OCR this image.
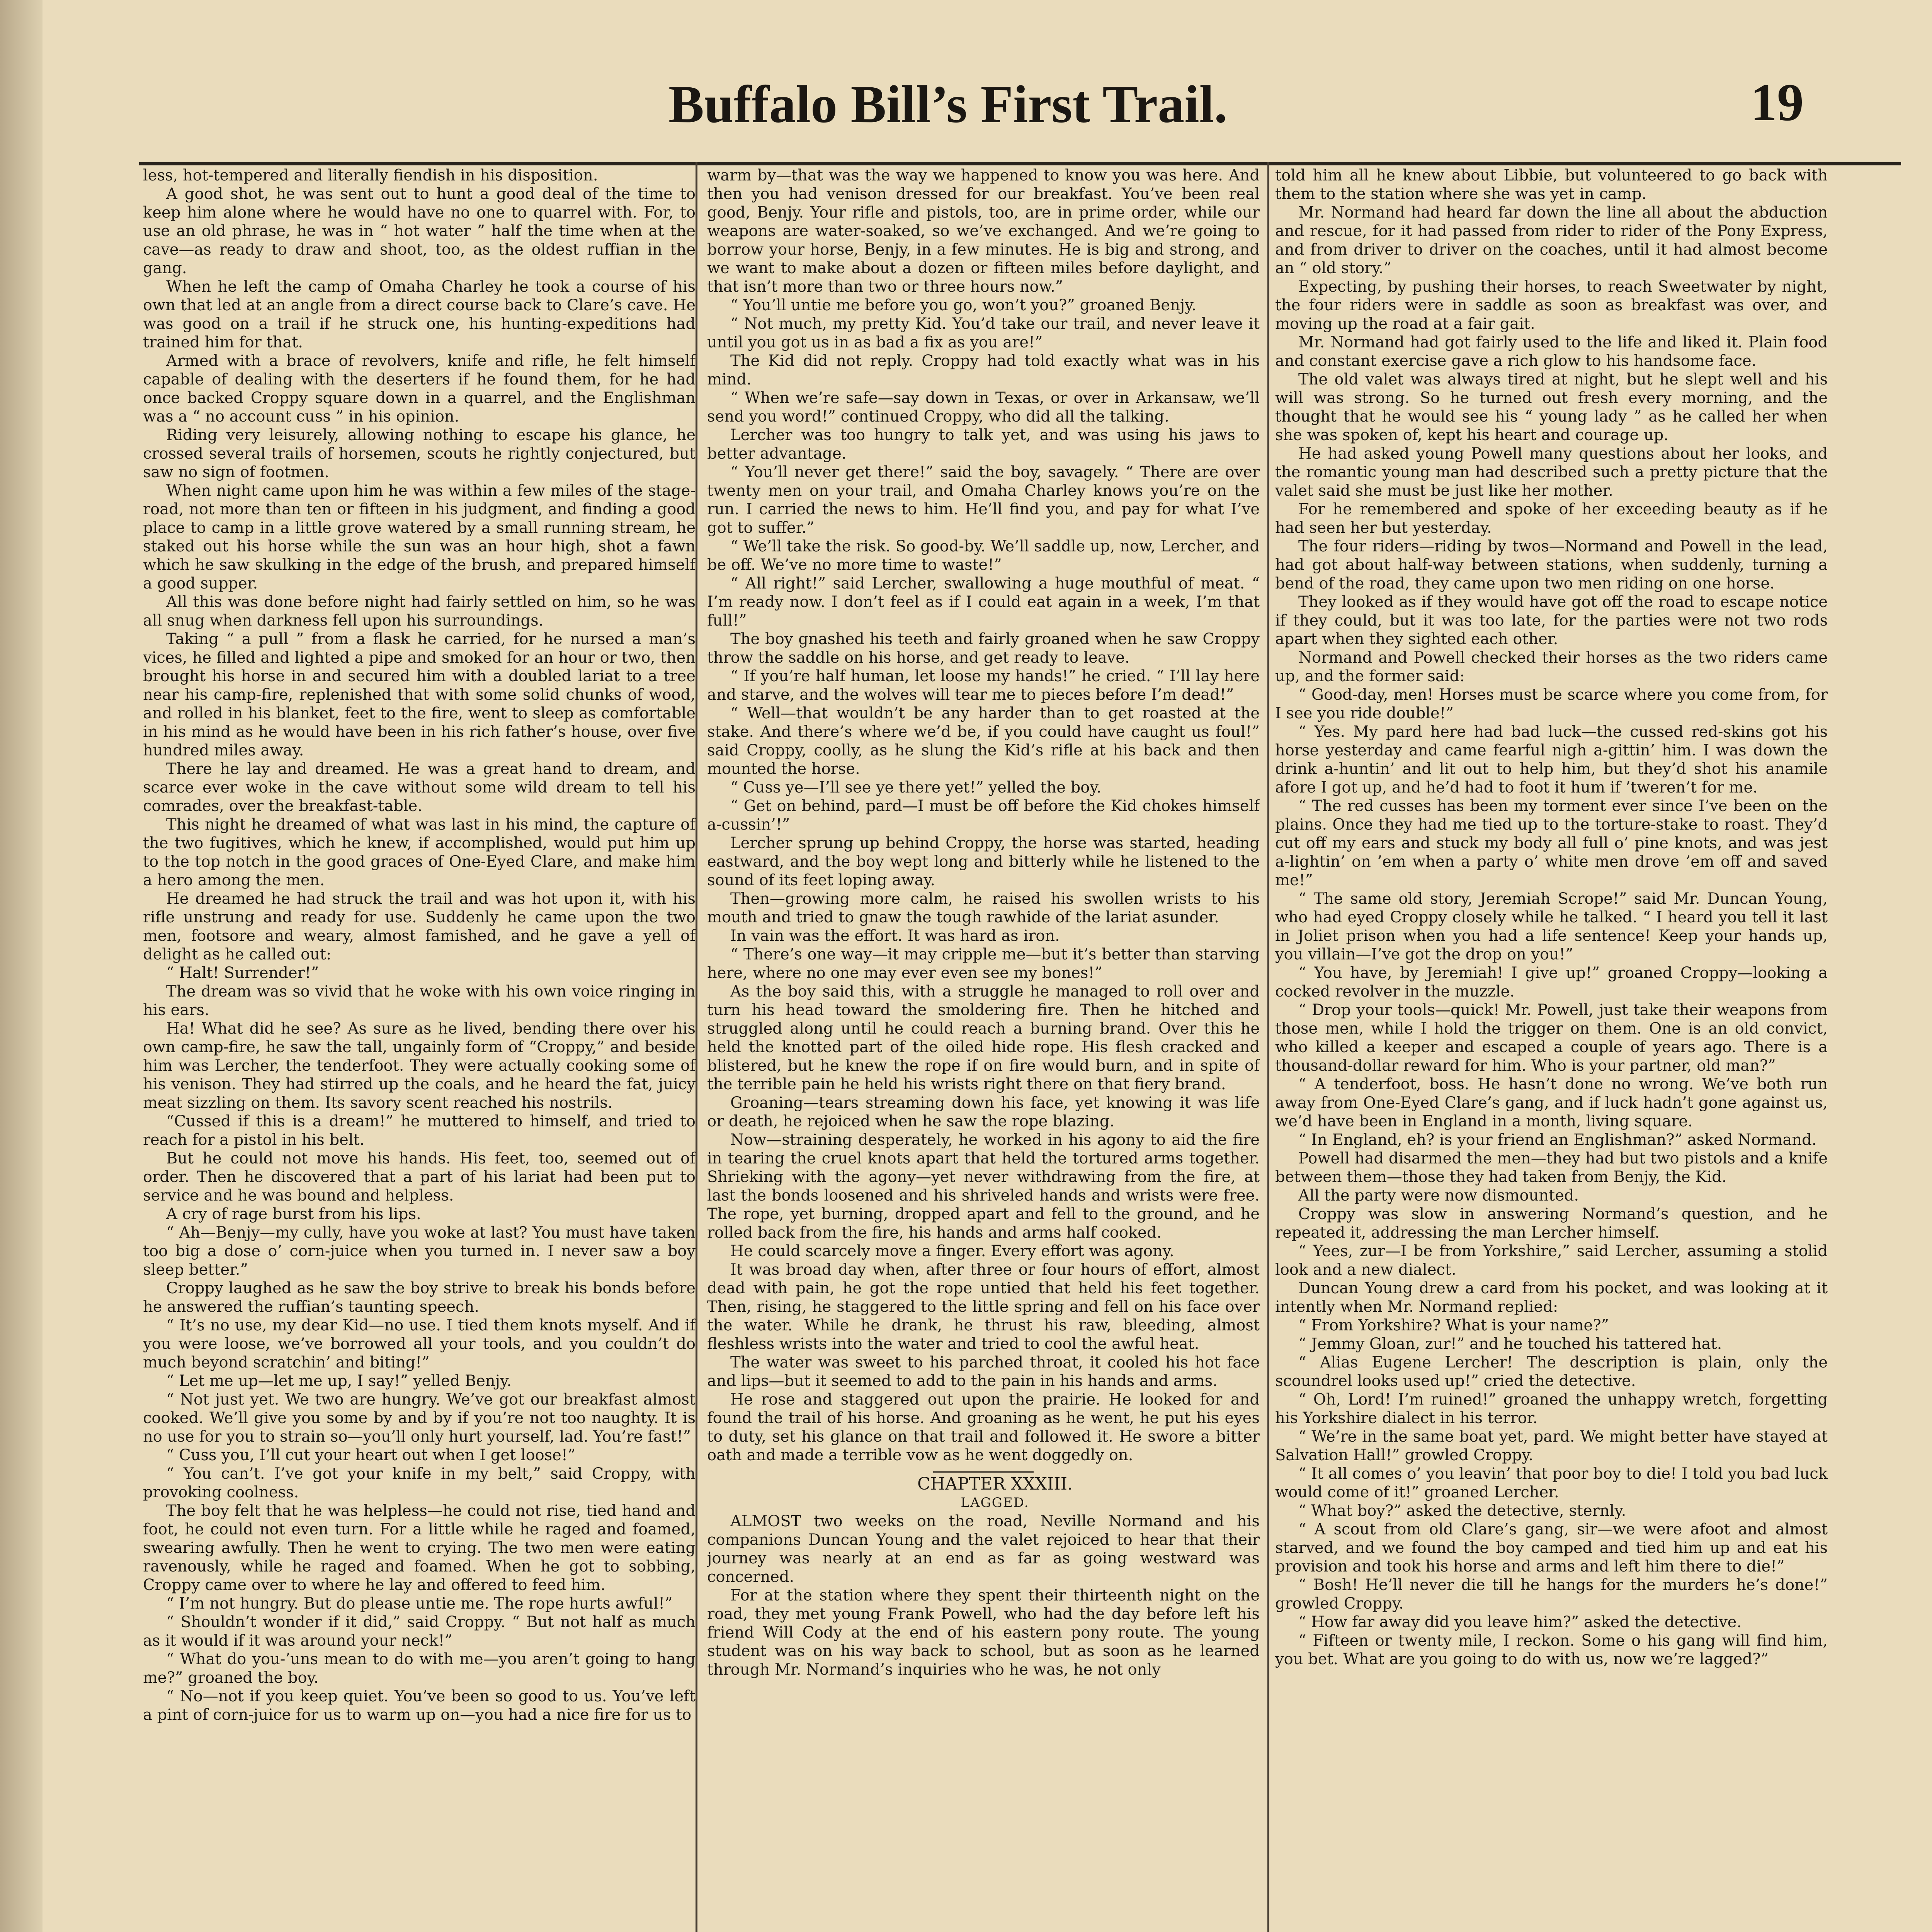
Buffalo Bill’s First Trail.	19

less, hot-tempered and literally fiendish in his disposition.

A good shot, he was sent out to hunt a good deal of the time to keep him alone where he would have no one to quarrel with. For, to use an old phrase, he was in “ hot water ” half the time when at the cave—as ready to draw and shoot, too, as the oldest ruffian in the gang.

When he left the camp of Omaha Charley he took a course of his own that led at an angle from a direct course back to Clare’s cave. He was good on a trail if he struck one, his hunting-expeditions had trained him for that.

Armed with a brace of revolvers, knife and rifle, he felt himself capable of dealing with the deserters if he found them, for he had once backed Croppy square down in a quarrel, and the Englishman was a “ no account cuss ” in his opinion.

Riding very leisurely, allowing nothing to escape his glance, he crossed several trails of horsemen, scouts he rightly conjectured, but saw no sign of footmen.

When night came upon him he was within a few miles of the stage-road, not more than ten or fifteen in his judgment, and finding a good place to camp in a little grove watered by a small running stream, he staked out his horse while the sun was an hour high, shot a fawn which he saw skulking in the edge of the brush, and prepared himself a good supper.

All this was done before night had fairly settled on him, so he was all snug when darkness fell upon his surroundings.

Taking “ a pull ” from a flask he carried, for he nursed a man’s vices, he filled and lighted a pipe and smoked for an hour or two, then brought his horse in and secured him with a doubled lariat to a tree near his camp-fire, replenished that with some solid chunks of wood, and rolled in his blanket, feet to the fire, went to sleep as comfortable in his mind as he would have been in his rich father’s house, over five hundred miles away.

There he lay and dreamed. He was a great hand to dream, and scarce ever woke in the cave without some wild dream to tell his comrades, over the breakfast-table.

This night he dreamed of what was last in his mind, the capture of the two fugitives, which he knew, if accomplished, would put him up to the top notch in the good graces of One-Eyed Clare, and make him a hero among the men.

He dreamed he had struck the trail and was hot upon it, with his rifle unstrung and ready for use. Suddenly he came upon the two men, footsore and weary, almost famished, and he gave a yell of delight as he called out:

“ Halt! Surrender!”

The dream was so vivid that he woke with his own voice ringing in his ears.

Ha! What did he see? As sure as he lived, bending there over his own camp-fire, he saw the tall, ungainly form of “Croppy,” and beside him was Lercher, the tenderfoot. They were actually cooking some of his venison. They had stirred up the coals, and he heard the fat, juicy meat sizzling on them. Its savory scent reached his nostrils.

“Cussed if this is a dream!” he muttered to himself, and tried to reach for a pistol in his belt.

But he could not move his hands. His feet, too, seemed out of order. Then he discovered that a part of his lariat had been put to service and he was bound and helpless.

A cry of rage burst from his lips.

“ Ah—Benjy—my cully, have you woke at last? You must have taken too big a dose o’ corn-juice when you turned in. I never saw a boy sleep better.”

Croppy laughed as he saw the boy strive to break his bonds before he answered the ruffian’s taunting speech.

“ It’s no use, my dear Kid—no use. I tied them knots myself. And if you were loose, we’ve borrowed all your tools, and you couldn’t do much beyond scratchin’ and biting!”

“ Let me up—let me up, I say!” yelled Benjy.

“ Not just yet. We two are hungry. We’ve got our breakfast almost cooked. We’ll give you some by and by if you’re not too naughty. It is no use for you to strain so—you’ll only hurt yourself, lad. You’re fast!”

“ Cuss you, I’ll cut your heart out when I get loose!”

“ You can’t. I’ve got your knife in my belt,” said Croppy, with provoking coolness.

The boy felt that he was helpless—he could not rise, tied hand and foot, he could not even turn. For a little while he raged and foamed, swearing awfully. Then he went to crying. The two men were eating ravenously, while he raged and foamed. When he got to sobbing, Croppy came over to where he lay and offered to feed him.

“ I’m not hungry. But do please untie me. The rope hurts awful!”

“ Shouldn’t wonder if it did,” said Croppy. “ But not half as much as it would if it was around your neck!”

“ What do you-’uns mean to do with me—you aren’t going to hang me?” groaned the boy.

“ No—not if you keep quiet. You’ve been so good to us. You’ve left a pint of corn-juice for us to warm up on—you had a nice fire for us to

warm by—that was the way we happened to know you was here. And then you had venison dressed for our breakfast. You’ve been real good, Benjy. Your rifle and pistols, too, are in prime order, while our weapons are water-soaked, so we’ve exchanged. And we’re going to borrow your horse, Benjy, in a few minutes. He is big and strong, and we want to make about a dozen or fifteen miles before daylight, and that isn’t more than two or three hours now.”

“ You’ll untie me before you go, won’t you?” groaned Benjy.

“ Not much, my pretty Kid. You’d take our trail, and never leave it until you got us in as bad a fix as you are!”

The Kid did not reply. Croppy had told exactly what was in his mind.

“ When we’re safe—say down in Texas, or over in Arkansaw, we’ll send you word!” continued Croppy, who did all the talking.

Lercher was too hungry to talk yet, and was using his jaws to better advantage.

“ You’ll never get there!” said the boy, savagely. “ There are over twenty men on your trail, and Omaha Charley knows you’re on the run. I carried the news to him. He’ll find you, and pay for what I’ve got to suffer.”

“ We’ll take the risk. So good-by. We’ll saddle up, now, Lercher, and be off. We’ve no more time to waste!”

“ All right!” said Lercher, swallowing a huge mouthful of meat. “ I’m ready now. I don’t feel as if I could eat again in a week, I’m that full!”

The boy gnashed his teeth and fairly groaned when he saw Croppy throw the saddle on his horse, and get ready to leave.

“ If you’re half human, let loose my hands!” he cried. “ I’ll lay here and starve, and the wolves will tear me to pieces before I’m dead!”

“ Well—that wouldn’t be any harder than to get roasted at the stake. And there’s where we’d be, if you could have caught us foul!” said Croppy, coolly, as he slung the Kid’s rifle at his back and then mounted the horse.

“ Cuss ye—I’ll see ye there yet!” yelled the boy.

“ Get on behind, pard—I must be off before the Kid chokes himself a-cussin’!”

Lercher sprung up behind Croppy, the horse was started, heading eastward, and the boy wept long and bitterly while he listened to the sound of its feet loping away.

Then—growing more calm, he raised his swollen wrists to his mouth and tried to gnaw the tough rawhide of the lariat asunder.

In vain was the effort. It was hard as iron.

“ There’s one way—it may cripple me—but it’s better than starving here, where no one may ever even see my bones!”

As the boy said this, with a struggle he managed to roll over and turn his head toward the smoldering fire. Then he hitched and struggled along until he could reach a burning brand. Over this he held the knotted part of the oiled hide rope. His flesh cracked and blistered, but he knew the rope if on fire would burn, and in spite of the terrible pain he held his wrists right there on that fiery brand.

Groaning—tears streaming down his face, yet knowing it was life or death, he rejoiced when he saw the rope blazing.

Now—straining desperately, he worked in his agony to aid the fire in tearing the cruel knots apart that held the tortured arms together. Shrieking with the agony—yet never withdrawing from the fire, at last the bonds loosened and his shriveled hands and wrists were free. The rope, yet burning, dropped apart and fell to the ground, and he rolled back from the fire, his hands and arms half cooked.

He could scarcely move a finger. Every effort was agony.

It was broad day when, after three or four hours of effort, almost dead with pain, he got the rope untied that held his feet together. Then, rising, he staggered to the little spring and fell on his face over the water. While he drank, he thrust his raw, bleeding, almost fleshless wrists into the water and tried to cool the awful heat.

The water was sweet to his parched throat, it cooled his hot face and lips—but it seemed to add to the pain in his hands and arms.

He rose and staggered out upon the prairie. He looked for and found the trail of his horse. And groaning as he went, he put his eyes to duty, set his glance on that trail and followed it. He swore a bitter oath and made a terrible vow as he went doggedly on.

CHAPTER XXXIII.

LAGGED.

ALMOST two weeks on the road, Neville Normand and his companions Duncan Young and the valet rejoiced to hear that their journey was nearly at an end as far as going westward was concerned.

For at the station where they spent their thirteenth night on the road, they met young Frank Powell, who had the day before left his friend Will Cody at the end of his eastern pony route. The young student was on his way back to school, but as soon as he learned through Mr. Normand’s inquiries who he was, he not only

told him all he knew about Libbie, but volunteered to go back with them to the station where she was yet in camp.

Mr. Normand had heard far down the line all about the abduction and rescue, for it had passed from rider to rider of the Pony Express, and from driver to driver on the coaches, until it had almost become an “ old story.”

Expecting, by pushing their horses, to reach Sweetwater by night, the four riders were in saddle as soon as breakfast was over, and moving up the road at a fair gait.

Mr. Normand had got fairly used to the life and liked it. Plain food and constant exercise gave a rich glow to his handsome face.

The old valet was always tired at night, but he slept well and his will was strong. So he turned out fresh every morning, and the thought that he would see his “ young lady ” as he called her when she was spoken of, kept his heart and courage up.

He had asked young Powell many questions about her looks, and the romantic young man had described such a pretty picture that the valet said she must be just like her mother.

For he remembered and spoke of her exceeding beauty as if he had seen her but yesterday.

The four riders—riding by twos—Normand and Powell in the lead, had got about half-way between stations, when suddenly, turning a bend of the road, they came upon two men riding on one horse.

They looked as if they would have got off the road to escape notice if they could, but it was too late, for the parties were not two rods apart when they sighted each other.

Normand and Powell checked their horses as the two riders came up, and the former said:

“ Good-day, men! Horses must be scarce where you come from, for I see you ride double!”

“ Yes. My pard here had bad luck—the cussed red-skins got his horse yesterday and came fearful nigh a-gittin’ him. I was down the drink a-huntin’ and lit out to help him, but they’d shot his anamile afore I got up, and he’d had to foot it hum if ’tweren’t for me.

“ The red cusses has been my torment ever since I’ve been on the plains. Once they had me tied up to the torture-stake to roast. They’d cut off my ears and stuck my body all full o’ pine knots, and was jest a-lightin’ on ’em when a party o’ white men drove ’em off and saved me!”

“ The same old story, Jeremiah Scrope!” said Mr. Duncan Young, who had eyed Croppy closely while he talked. “ I heard you tell it last in Joliet prison when you had a life sentence! Keep your hands up, you villain—I’ve got the drop on you!”

“ You have, by Jeremiah! I give up!” groaned Croppy—looking a cocked revolver in the muzzle.

“ Drop your tools—quick! Mr. Powell, just take their weapons from those men, while I hold the trigger on them. One is an old convict, who killed a keeper and escaped a couple of years ago. There is a thousand-dollar reward for him. Who is your partner, old man?”

“ A tenderfoot, boss. He hasn’t done no wrong. We’ve both run away from One-Eyed Clare’s gang, and if luck hadn’t gone against us, we’d have been in England in a month, living square.

“ In England, eh? is your friend an Englishman?” asked Normand.

Powell had disarmed the men—they had but two pistols and a knife between them—those they had taken from Benjy, the Kid.

All the party were now dismounted.

Croppy was slow in answering Normand’s question, and he repeated it, addressing the man Lercher himself.

“ Yees, zur—I be from Yorkshire,” said Lercher, assuming a stolid look and a new dialect.

Duncan Young drew a card from his pocket, and was looking at it intently when Mr. Normand replied:

“ From Yorkshire? What is your name?”

“ Jemmy Gloan, zur!” and he touched his tattered hat.

“ Alias Eugene Lercher! The description is plain, only the scoundrel looks used up!” cried the detective.

“ Oh, Lord! I’m ruined!” groaned the unhappy wretch, forgetting his Yorkshire dialect in his terror.

“ We’re in the same boat yet, pard. We might better have stayed at Salvation Hall!” growled Croppy.

“ It all comes o’ you leavin’ that poor boy to die! I told you bad luck would come of it!” groaned Lercher.

“ What boy?” asked the detective, sternly.

“ A scout from old Clare’s gang, sir—we were afoot and almost starved, and we found the boy camped and tied him up and eat his provision and took his horse and arms and left him there to die!”

“ Bosh! He’ll never die till he hangs for the murders he’s done!” growled Croppy.

“ How far away did you leave him?” asked the detective.

“ Fifteen or twenty mile, I reckon. Some o his gang will find him, you bet. What are you going to do with us, now we’re lagged?”
